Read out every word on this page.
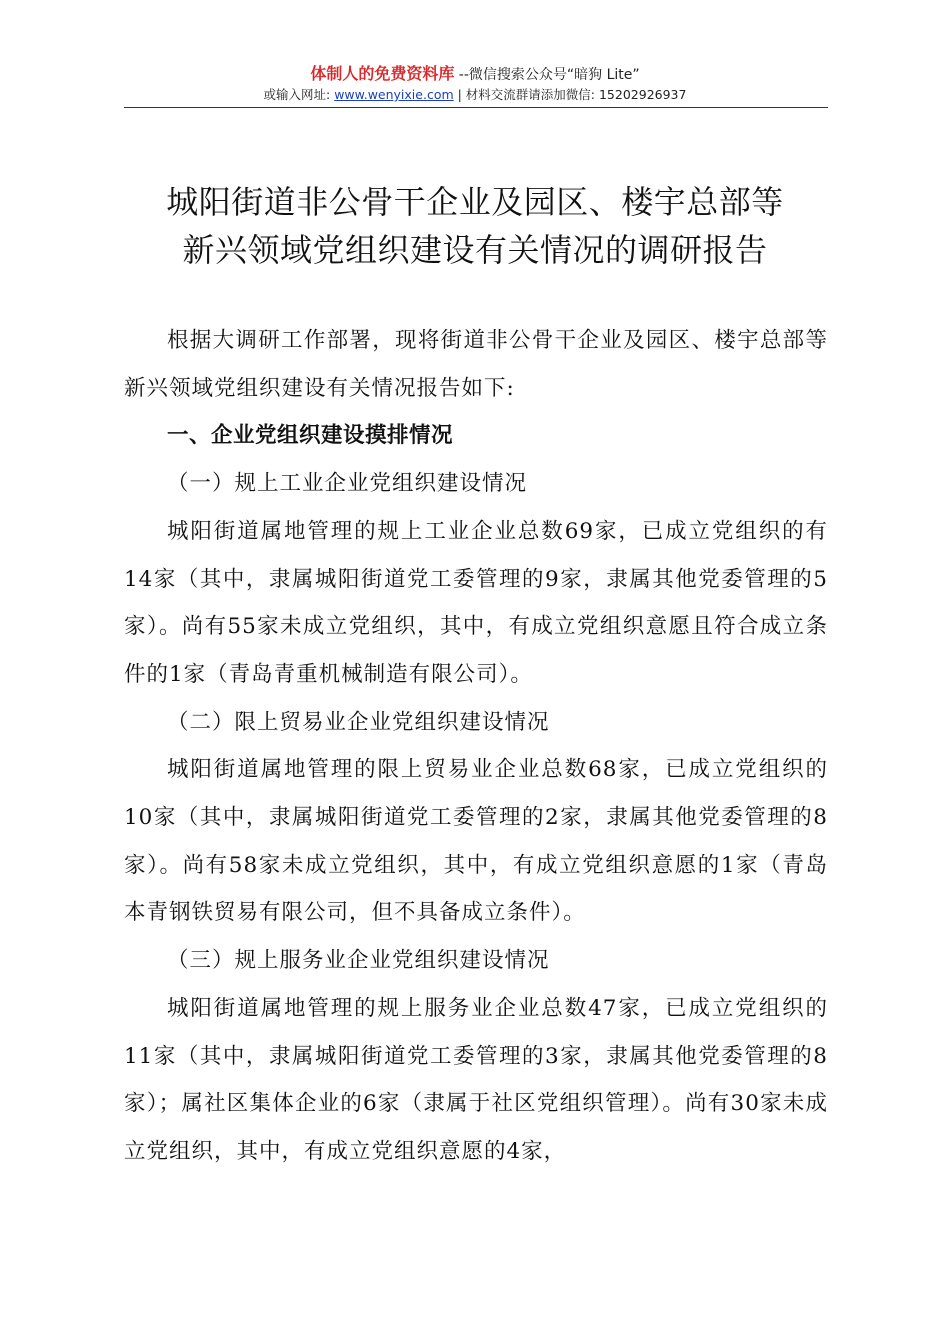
体制人的免费资料库 --微信搜索公众号“暗狗 Lite”
或输入网址: www.wenyixie.com | 材料交流群请添加微信: 15202926937
城阳街道非公骨干企业及园区、楼宇总部等
新兴领域党组织建设有关情况的调研报告

根据大调研工作部署，现将街道非公骨干企业及园区、楼宇总部等新兴领域党组织建设有关情况报告如下:

一、企业党组织建设摸排情况

（一）规上工业企业党组织建设情况

城阳街道属地管理的规上工业企业总数69家，已成立党组织的有14家（其中，隶属城阳街道党工委管理的9家，隶属其他党委管理的5家）。尚有55家未成立党组织，其中，有成立党组织意愿且符合成立条件的1家（青岛青重机械制造有限公司）。

（二）限上贸易业企业党组织建设情况

城阳街道属地管理的限上贸易业企业总数68家，已成立党组织的10家（其中，隶属城阳街道党工委管理的2家，隶属其他党委管理的8家）。尚有58家未成立党组织，其中，有成立党组织意愿的1家（青岛本青钢铁贸易有限公司，但不具备成立条件）。

（三）规上服务业企业党组织建设情况

城阳街道属地管理的规上服务业企业总数47家，已成立党组织的11家（其中，隶属城阳街道党工委管理的3家，隶属其他党委管理的8家）；属社区集体企业的6家（隶属于社区党组织管理）。尚有30家未成立党组织，其中，有成立党组织意愿的4家，
